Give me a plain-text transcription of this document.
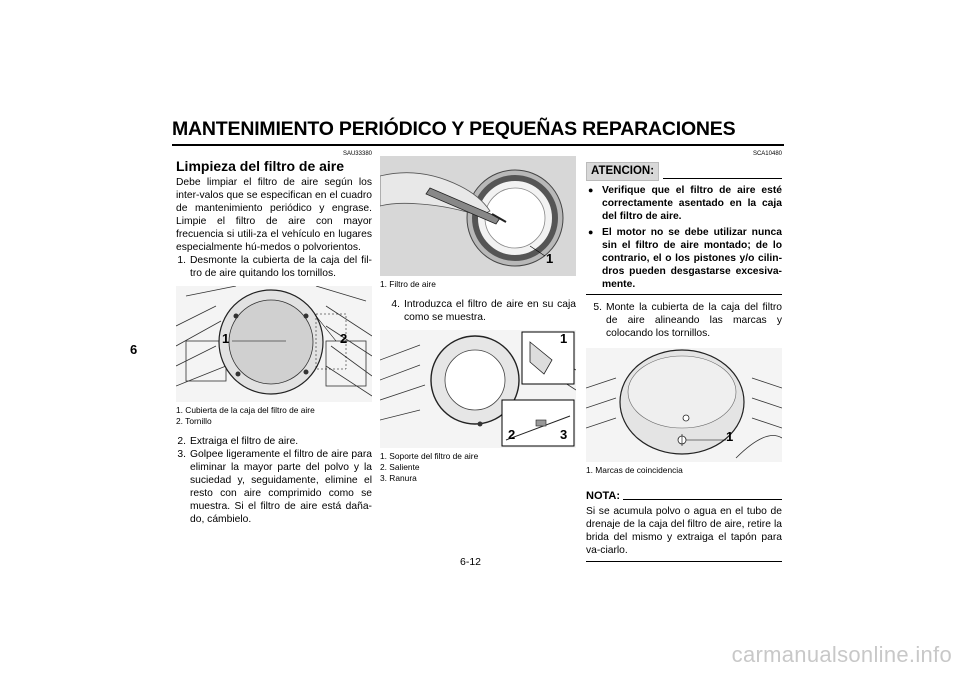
MANTENIMIENTO PERIÓDICO Y PEQUEÑAS REPARACIONES
6
SAU33380
Limpieza del filtro de aire
Debe limpiar el filtro de aire según los inter-valos que se especifican en el cuadro de mantenimiento periódico y engrase. Limpie el filtro de aire con mayor frecuencia si utili-za el vehículo en lugares especialmente hú-medos o polvorientos.
1. Desmonte la cubierta de la caja del fil-tro de aire quitando los tornillos.
1	2
1. Cubierta de la caja del filtro de aire
2. Tornillo
2. Extraiga el filtro de aire.
3. Golpee ligeramente el filtro de aire para eliminar la mayor parte del polvo y la suciedad y, seguidamente, elimine el resto con aire comprimido como se muestra. Si el filtro de aire está daña-do, cámbielo.
1
1. Filtro de aire
4. Introduzca el filtro de aire en su caja como se muestra.
1
2	3
1. Soporte del filtro de aire
2. Saliente
3. Ranura
SCA10480
ATENCION:
● Verifique que el filtro de aire esté correctamente asentado en la caja del filtro de aire.
● El motor no se debe utilizar nunca sin el filtro de aire montado; de lo contrario, el o los pistones y/o cilin-dros pueden desgastarse excesiva-mente.
5. Monte la cubierta de la caja del filtro de aire alineando las marcas y colocando los tornillos.
1
1. Marcas de coincidencia
NOTA:
Si se acumula polvo o agua en el tubo de drenaje de la caja del filtro de aire, retire la brida del mismo y extraiga el tapón para va-ciarlo.
6-12
carmanualsonline.info
